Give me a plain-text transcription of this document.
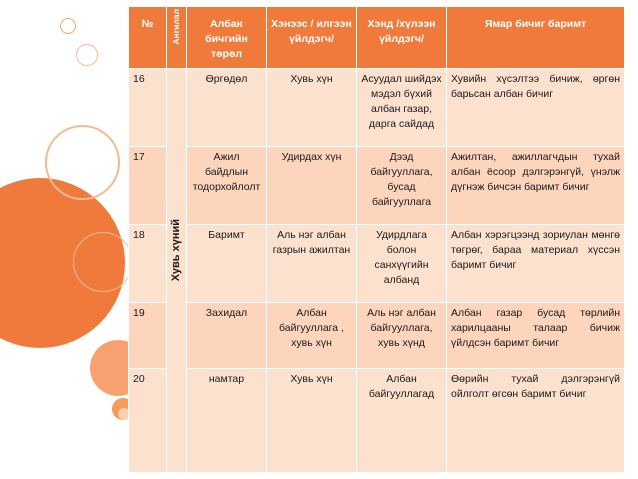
№	Ангилал	Албан бичгийн төрөл	Хэнээс / илгээн үйлдэгч/	Хэнд /хүлээн үйлдэгч/	Ямар бичиг баримт
16	Хувь хүний	Өргөдөл	Хувь хүн	Асуудал шийдэх мэдэл бүхий албан газар, дарга сайдад	Хувийн хүсэлтээ бичиж, өргөн барьсан албан бичиг
17		Ажил байдлын тодорхойлолт	Удирдах хүн	Дээд байгууллага, бусад байгууллага	Ажилтан, ажиллагчдын тухай албан ёсоор дэлгэрэнгүй, үнэлж дүгнэж бичсэн баримт бичиг
18		Баримт	Аль нэг албан газрын ажилтан	Удирдлага болон санхүүгийн албанд	Албан хэрэгцээнд зориулан мөнгө төгрөг, бараа материал хүссэн баримт бичиг
19		Захидал	Албан байгууллага , хувь хүн	Аль нэг албан байгууллага, хувь хүнд	Албан газар бусад төрлийн харилцааны талаар бичиж үйлдсэн баримт бичиг
20		намтар	Хувь хүн	Албан байгууллагад	Өөрийн тухай дэлгэрэнгүй ойлголт өгсөн баримт бичиг
